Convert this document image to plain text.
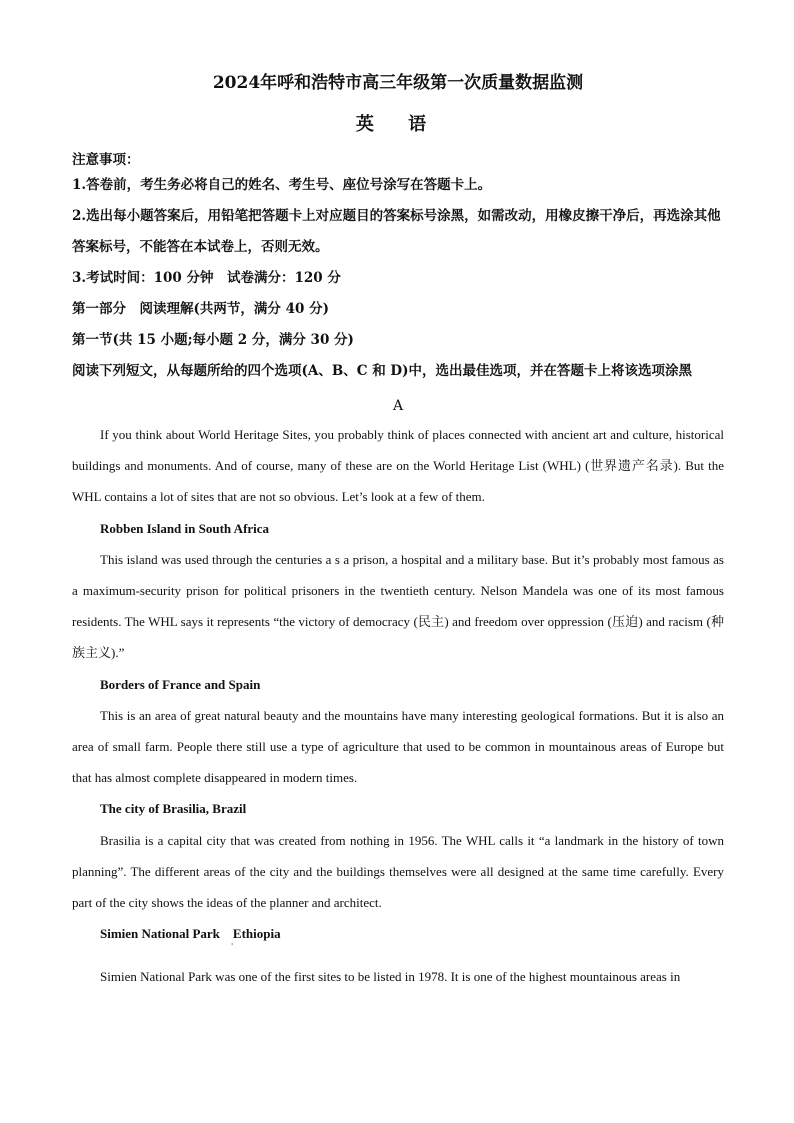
2024年呼和浩特市高三年级第一次质量数据监测
英 语
注意事项：

1.答卷前，考生务必将自己的姓名、考生号、座位号涂写在答题卡上。

2.选出每小题答案后，用铅笔把答题卡上对应题目的答案标号涂黑，如需改动，用橡皮擦干净后，再选涂其他答案标号，不能答在本试卷上，否则无效。

3.考试时间：100 分钟　试卷满分：120 分

第一部分　阅读理解(共两节，满分 40 分)

第一节(共 15 小题;每小题 2 分，满分 30 分)

阅读下列短文，从每题所给的四个选项(A、B、C 和 D)中，选出最佳选项，并在答题卡上将该选项涂黑

A

If you think about World Heritage Sites, you probably think of places connected with ancient art and culture, historical buildings and monuments. And of course, many of these are on the World Heritage List (WHL) (世界遗产名录). But the WHL contains a lot of sites that are not so obvious. Let’s look at a few of them.

Robben Island in South Africa

This island was used through the centuries a s a prison, a hospital and a military base. But it’s probably most famous as a maximum-security prison for political prisoners in the twentieth century. Nelson Mandela was one of its most famous residents. The WHL says it represents “the victory of democracy (民主) and freedom over oppression (压迫) and racism (种族主义).”

Borders of France and Spain

This is an area of great natural beauty and the mountains have many interesting geological formations. But it is also an area of small farm. People there still use a type of agriculture that used to be common in mountainous areas of Europe but that has almost complete disappeared in modern times.

The city of Brasilia, Brazil

Brasilia is a capital city that was created from nothing in 1956. The WHL calls it “a landmark in the history of town planning”. The different areas of the city and the buildings themselves were all designed at the same time carefully. Every part of the city shows the ideas of the planner and architect.

Simien National Park　Ethiopia

'

Simien National Park was one of the first sites to be listed in 1978. It is one of the highest mountainous areas in
